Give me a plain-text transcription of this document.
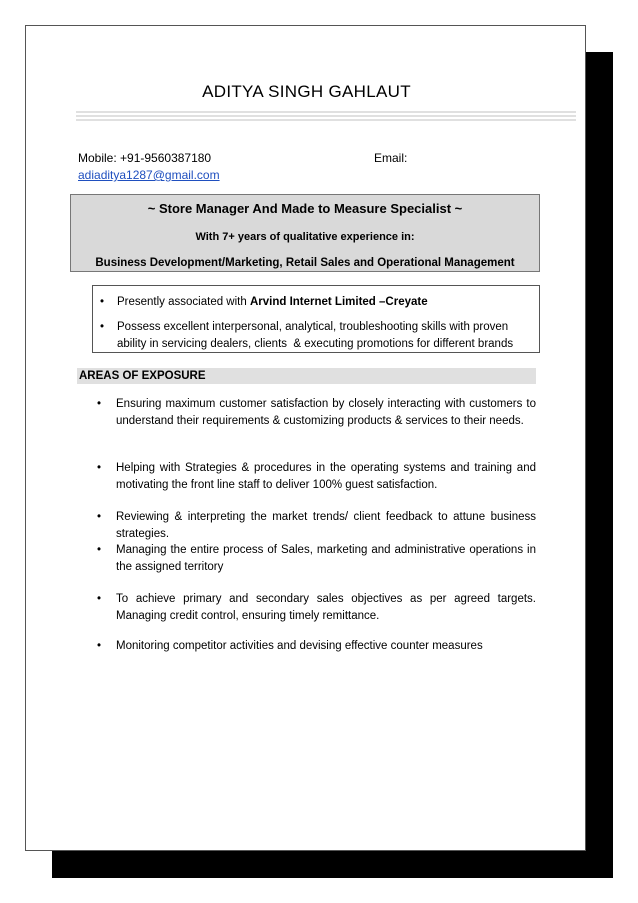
ADITYA SINGH GAHLAUT
Mobile: +91-9560387180	Email:
adiaditya1287@gmail.com
~ Store Manager And Made to Measure Specialist ~
With 7+ years of qualitative experience in:
Business Development/Marketing, Retail Sales and Operational Management
• Presently associated with Arvind Internet Limited –Creyate
• Possess excellent interpersonal, analytical, troubleshooting skills with proven
ability in servicing dealers, clients  & executing promotions for different brands
AREAS OF EXPOSURE
• Ensuring maximum customer satisfaction by closely interacting with customers to understand their requirements & customizing products & services to their needs.
• Helping with Strategies & procedures in the operating systems and training and motivating the front line staff to deliver 100% guest satisfaction.
• Reviewing & interpreting the market trends/ client feedback to attune business strategies.
• Managing the entire process of Sales, marketing and administrative operations in the assigned territory
• To achieve primary and secondary sales objectives as per agreed targets. Managing credit control, ensuring timely remittance.
• Monitoring competitor activities and devising effective counter measures
